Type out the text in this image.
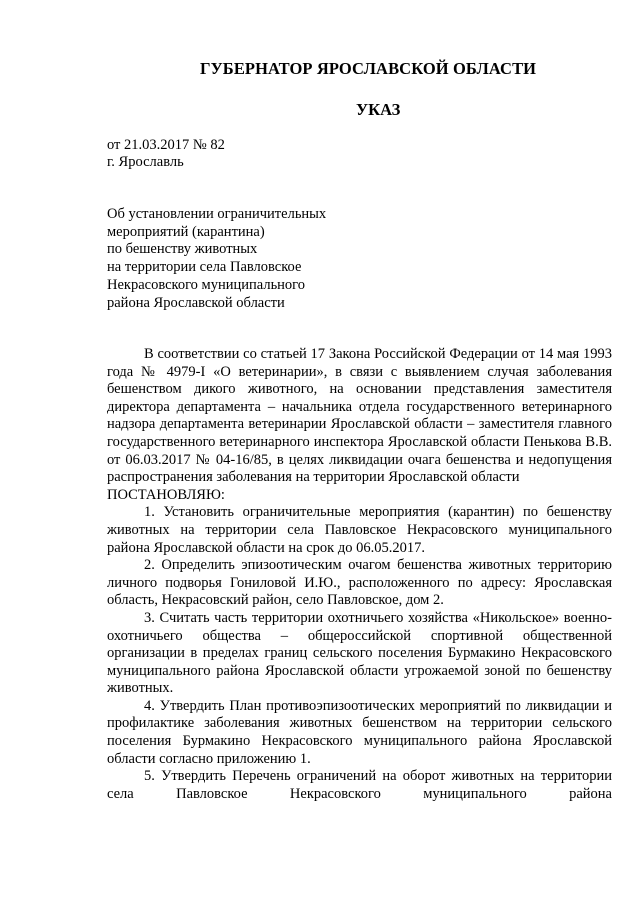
ГУБЕРНАТОР ЯРОСЛАВСКОЙ ОБЛАСТИ
УКАЗ
от 21.03.2017 № 82
г. Ярославль
Об установлении ограничительных
мероприятий (карантина)
по бешенству животных
на территории села Павловское
Некрасовского муниципального
района Ярославской области

В соответствии со статьей 17 Закона Российской Федерации от 14 мая 1993 года № 4979-I «О ветеринарии», в связи с выявлением случая заболевания бешенством дикого животного, на основании представления заместителя директора департамента – начальника отдела государственного ветеринарного надзора департамента ветеринарии Ярославской области – заместителя главного государственного ветеринарного инспектора Ярославской области Пенькова В.В. от 06.03.2017 № 04-16/85, в целях ликвидации очага бешенства и недопущения распространения заболевания на территории Ярославской области

ПОСТАНОВЛЯЮ:

1. Установить ограничительные мероприятия (карантин) по бешенству животных на территории села Павловское Некрасовского муниципального района Ярославской области на срок до 06.05.2017.

2. Определить эпизоотическим очагом бешенства животных территорию личного подворья Гониловой И.Ю., расположенного по адресу: Ярославская область, Некрасовский район, село Павловское, дом 2.

3. Считать часть территории охотничьего хозяйства «Никольское» военно-охотничьего общества – общероссийской спортивной общественной организации в пределах границ сельского поселения Бурмакино Некрасовского муниципального района Ярославской области угрожаемой зоной по бешенству животных.

4. Утвердить План противоэпизоотических мероприятий по ликвидации и профилактике заболевания животных бешенством на территории сельского поселения Бурмакино Некрасовского муниципального района Ярославской области согласно приложению 1.

5. Утвердить Перечень ограничений на оборот животных на территории села Павловское Некрасовского муниципального района
